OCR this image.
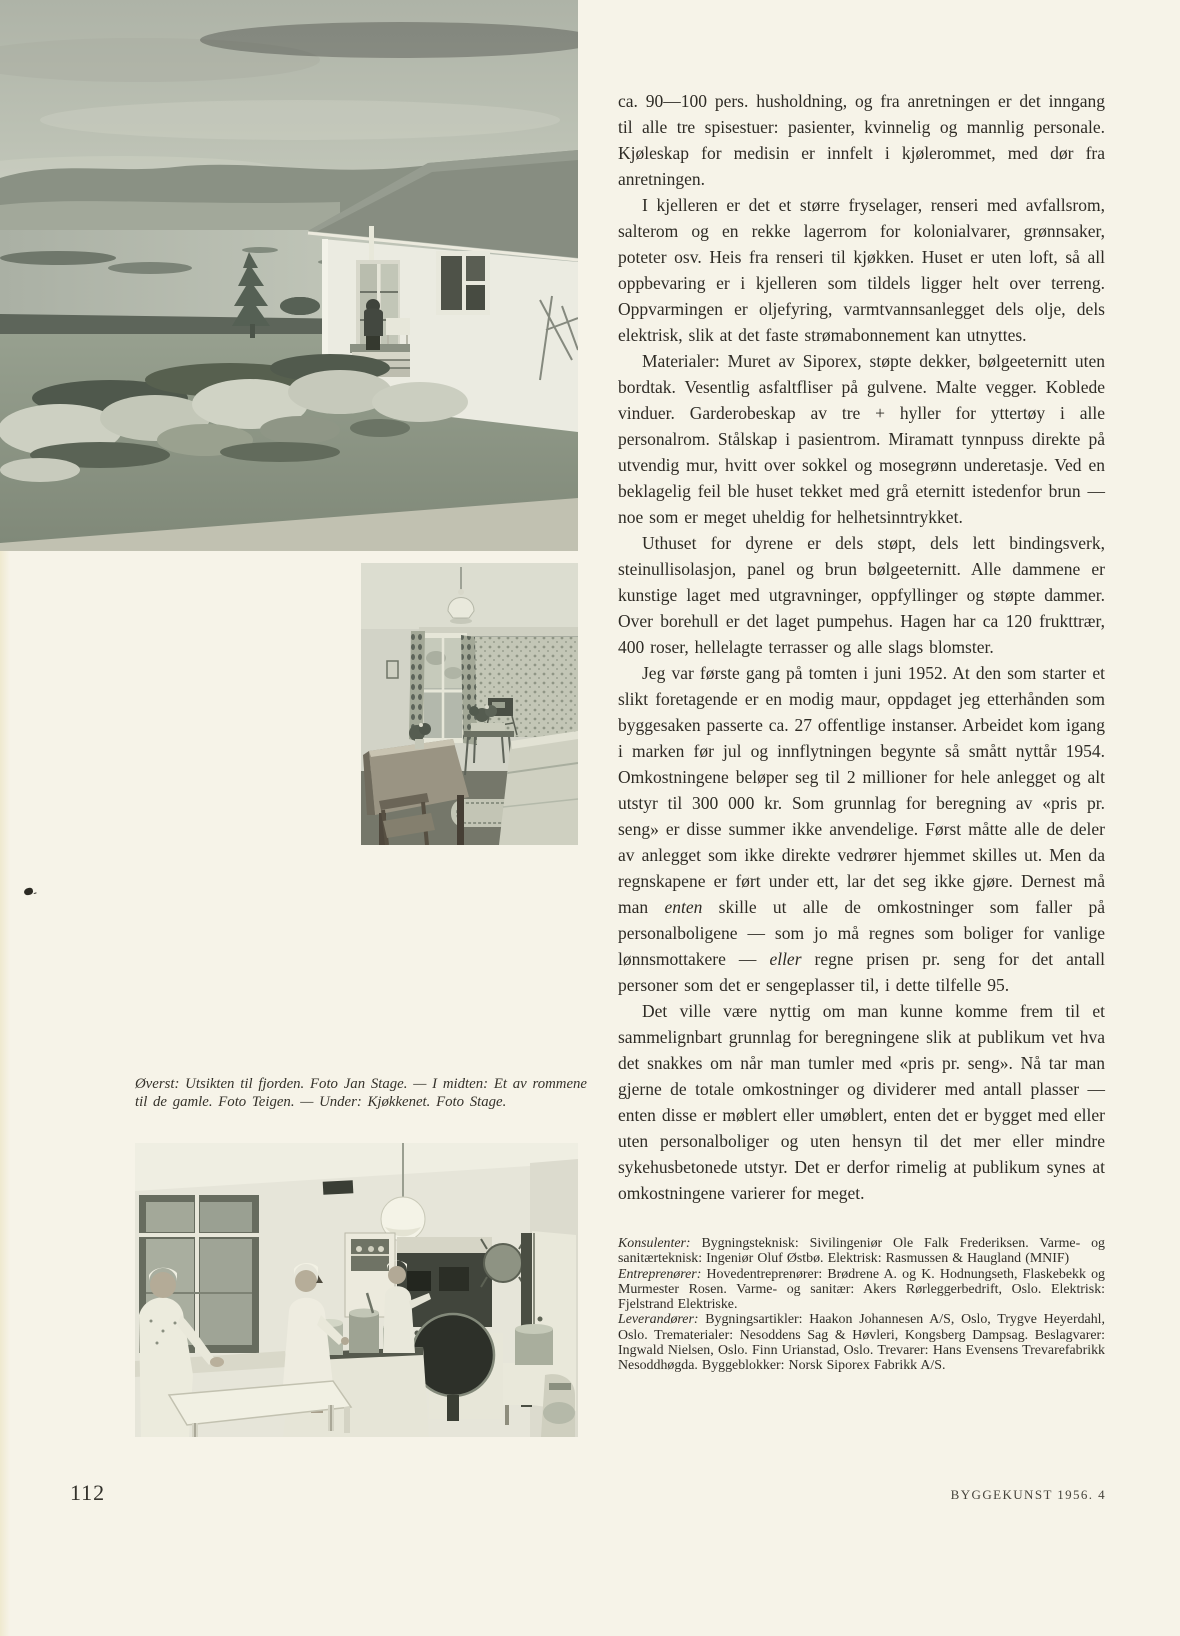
Øverst: Utsikten til fjorden. Foto Jan Stage. — I midten: Et av rommene til de gamle. Foto Teigen. — Under: Kjøkkenet. Foto Stage.

ca. 90—100 pers. husholdning, og fra anretningen er det inngang til alle tre spisestuer: pasienter, kvinnelig og mannlig personale. Kjøleskap for medisin er innfelt i kjølerommet, med dør fra anretningen.

I kjelleren er det et større fryselager, renseri med avfallsrom, salterom og en rekke lagerrom for kolonialvarer, grønnsaker, poteter osv. Heis fra renseri til kjøkken. Huset er uten loft, så all oppbevaring er i kjelleren som tildels ligger helt over terreng. Oppvarmingen er oljefyring, varmtvannsanlegget dels olje, dels elektrisk, slik at det faste strømabonnement kan utnyttes.

Materialer: Muret av Siporex, støpte dekker, bølgeeternitt uten bordtak. Vesentlig asfaltfliser på gulvene. Malte vegger. Koblede vinduer. Garderobeskap av tre + hyller for yttertøy i alle personalrom. Stålskap i pasientrom. Miramatt tynnpuss direkte på utvendig mur, hvitt over sokkel og mosegrønn underetasje. Ved en beklagelig feil ble huset tekket med grå eternitt istedenfor brun — noe som er meget uheldig for helhetsinntrykket.

Uthuset for dyrene er dels støpt, dels lett bindingsverk, steinullisolasjon, panel og brun bølgeeternitt. Alle dammene er kunstige laget med utgravninger, oppfyllinger og støpte dammer. Over borehull er det laget pumpehus. Hagen har ca 120 frukttrær, 400 roser, hellelagte terrasser og alle slags blomster.

Jeg var første gang på tomten i juni 1952. At den som starter et slikt foretagende er en modig maur, oppdaget jeg etterhånden som byggesaken passerte ca. 27 offentlige instanser. Arbeidet kom igang i marken før jul og innflytningen begynte så smått nyttår 1954. Omkostningene beløper seg til 2 millioner for hele anlegget og alt utstyr til 300 000 kr. Som grunnlag for beregning av «pris pr. seng» er disse summer ikke anvendelige. Først måtte alle de deler av anlegget som ikke direkte vedrører hjemmet skilles ut. Men da regnskapene er ført under ett, lar det seg ikke gjøre. Dernest må man enten skille ut alle de omkostninger som faller på personalboligene — som jo må regnes som boliger for vanlige lønnsmottakere — eller regne prisen pr. seng for det antall personer som det er sengeplasser til, i dette tilfelle 95.

Det ville være nyttig om man kunne komme frem til et sammelignbart grunnlag for beregningene slik at publikum vet hva det snakkes om når man tumler med «pris pr. seng». Nå tar man gjerne de totale omkostninger og dividerer med antall plasser — enten disse er møblert eller umøblert, enten det er bygget med eller uten personalboliger og uten hensyn til det mer eller mindre sykehusbetonede utstyr. Det er derfor rimelig at publikum synes at omkostningene varierer for meget.

Konsulenter: Bygningsteknisk: Sivilingeniør Ole Falk Frederiksen. Varme- og sanitærteknisk: Ingeniør Oluf Østbø. Elektrisk: Rasmussen & Haugland (MNIF)

Entreprenører: Hovedentreprenører: Brødrene A. og K. Hodnungseth, Flaskebekk og Murmester Rosen. Varme- og sanitær: Akers Rørleggerbedrift, Oslo. Elektrisk: Fjelstrand Elektriske.

Leverandører: Bygningsartikler: Haakon Johannesen A/S, Oslo, Trygve Heyerdahl, Oslo. Trematerialer: Nesoddens Sag & Høvleri, Kongsberg Dampsag. Beslagvarer: Ingwald Nielsen, Oslo. Finn Urianstad, Oslo. Trevarer: Hans Evensens Trevarefabrikk Nesoddhøgda. Byggeblokker: Norsk Siporex Fabrikk A/S.

112	BYGGEKUNST 1956. 4
